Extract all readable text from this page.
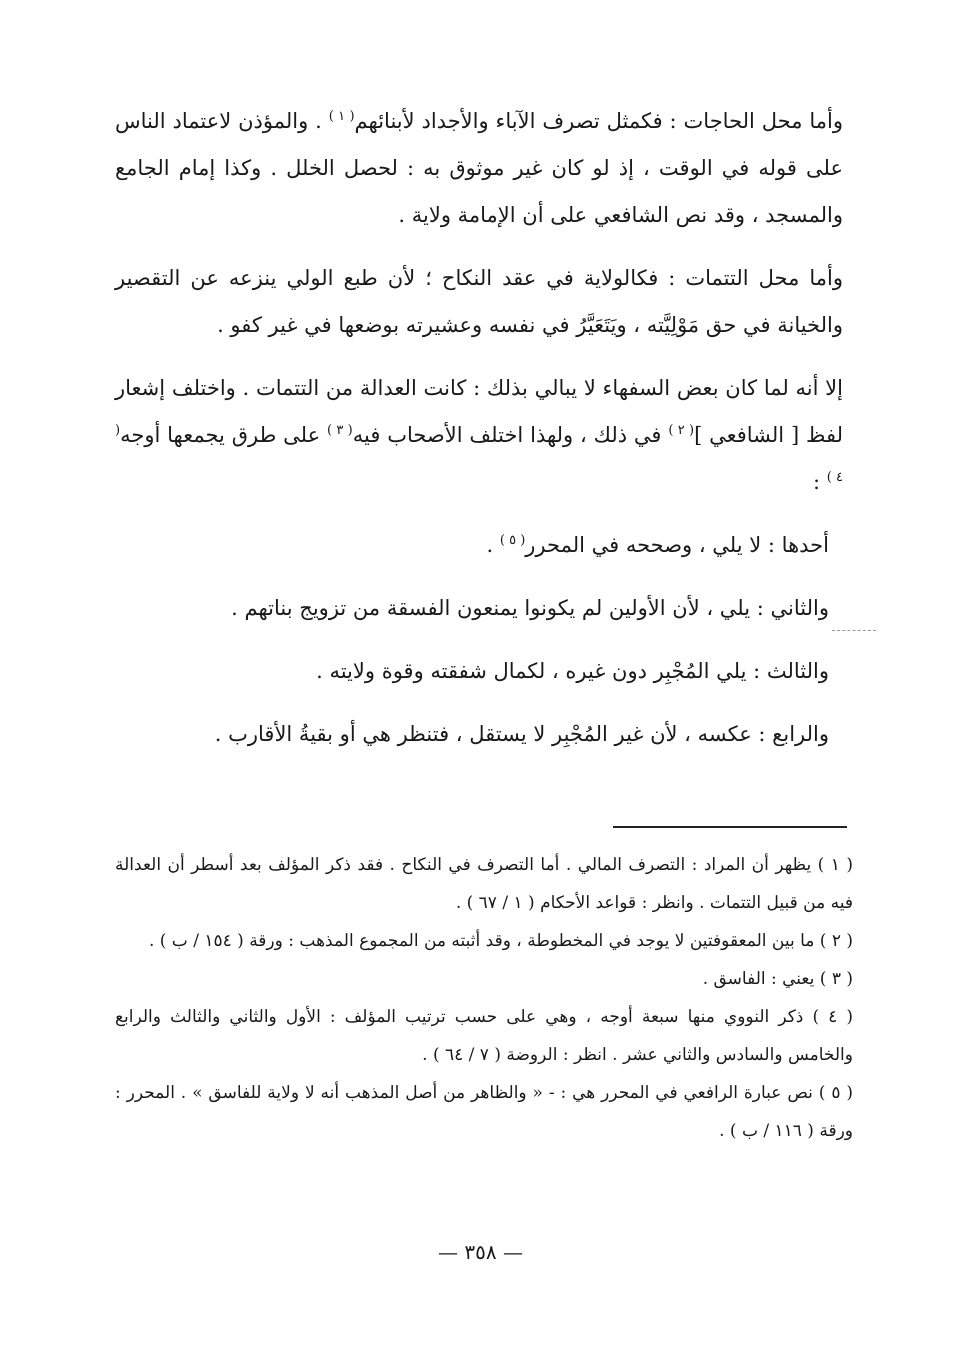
وأما محل الحاجات : فكمثل تصرف الآباء والأجداد لأبنائهم$^{( ١ )}$ . والمؤذن لاعتماد الناس على قوله في الوقت ، إذ لو كان غير موثوق به : لحصل الخلل . وكذا إمام الجامع والمسجد ، وقد نص الشافعي على أن الإمامة ولاية .

وأما محل التتمات : فكالولاية في عقد النكاح ؛ لأن طبع الولي ينزعه عن التقصير والخيانة في حق مَوْلِيَّته ، ويَتَعَيَّرُ في نفسه وعشيرته بوضعها في غير كفو .

إلا أنه لما كان بعض السفهاء لا يبالي بذلك : كانت العدالة من التتمات . واختلف إشعار لفظ [ الشافعي ]$^{( ٢ )}$ في ذلك ، ولهذا اختلف الأصحاب فيه$^{( ٣ )}$ على طرق يجمعها أوجه$^{( ٤ )}$ :

أحدها : لا يلي ، وصححه في المحرر$^{( ٥ )}$ .

والثاني : يلي ، لأن الأولين لم يكونوا يمنعون الفسقة من تزويج بناتهم .

والثالث : يلي المُجْبِر دون غيره ، لكمال شفقته وقوة ولايته .

والرابع : عكسه ، لأن غير المُجْبِر لا يستقل ، فتنظر هي أو بقيةُ الأقارب .

( ١ ) يظهر أن المراد : التصرف المالي . أما التصرف في النكاح . فقد ذكر المؤلف بعد أسطر أن العدالة فيه من قبيل التتمات . وانظر : قواعد الأحكام ( ١ / ٦٧ ) .

( ٢ ) ما بين المعقوفتين لا يوجد في المخطوطة ، وقد أثبته من المجموع المذهب : ورقة ( ١٥٤ / ب ) .

( ٣ ) يعني : الفاسق .

( ٤ ) ذكر النووي منها سبعة أوجه ، وهي على حسب ترتيب المؤلف : الأول والثاني والثالث والرابع والخامس والسادس والثاني عشر . انظر : الروضة ( ٧ / ٦٤ ) .

( ٥ ) نص عبارة الرافعي في المحرر هي : - « والظاهر من أصل المذهب أنه لا ولاية للفاسق » . المحرر : ورقة ( ١١٦ / ب ) .

— ٣٥٨ —
